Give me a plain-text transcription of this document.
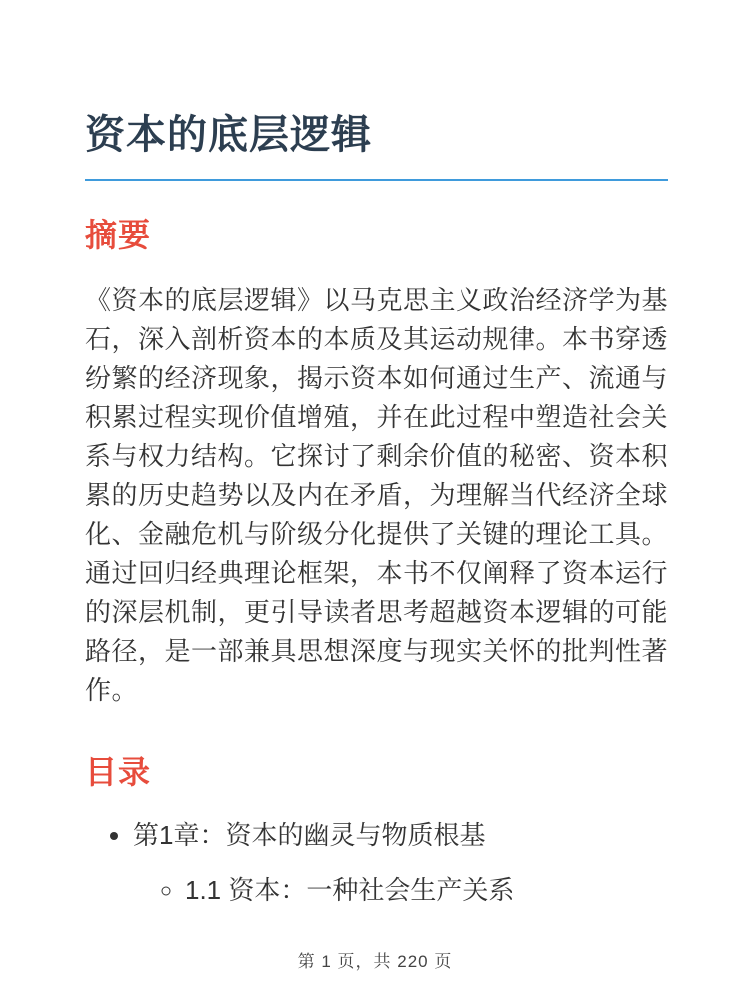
资本的底层逻辑
摘要

《资本的底层逻辑》以马克思主义政治经济学为基石，深入剖析资本的本质及其运动规律。本书穿透纷繁的经济现象，揭示资本如何通过生产、流通与积累过程实现价值增殖，并在此过程中塑造社会关系与权力结构。它探讨了剩余价值的秘密、资本积累的历史趋势以及内在矛盾，为理解当代经济全球化、金融危机与阶级分化提供了关键的理论工具。通过回归经典理论框架，本书不仅阐释了资本运行的深层机制，更引导读者思考超越资本逻辑的可能路径，是一部兼具思想深度与现实关怀的批判性著作。

目录
• 第1章：资本的幽灵与物质根基
◦ 1.1 资本：一种社会生产关系
第 1 页，共 220 页
